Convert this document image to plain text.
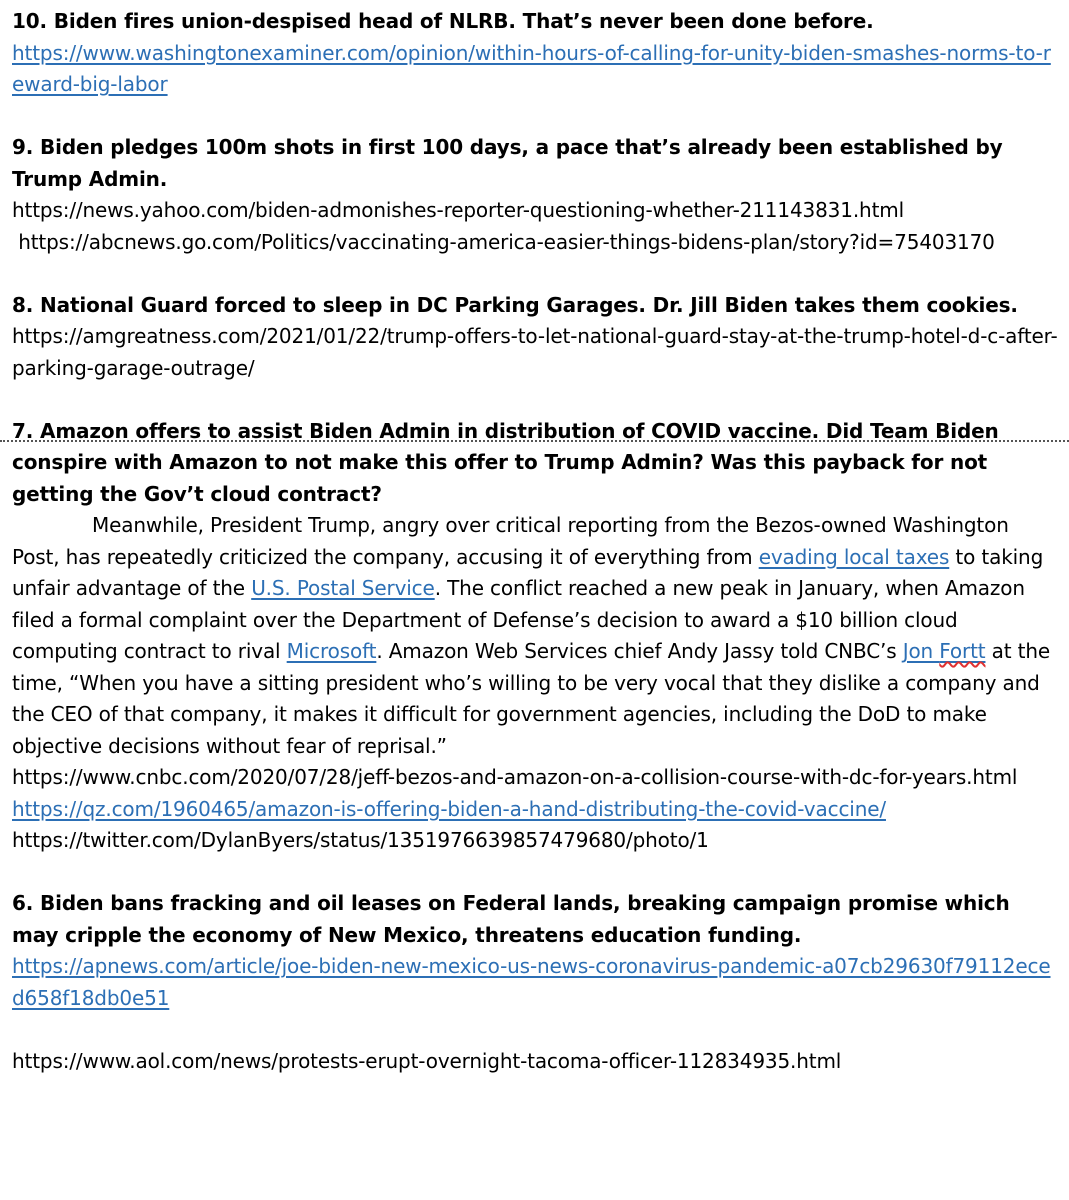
10. Biden fires union-despised head of NLRB. That’s never been done before.

https://www.washingtonexaminer.com/opinion/within-hours-of-calling-for-unity-biden-smashes-norms-to-reward-big-labor

9. Biden pledges 100m shots in first 100 days, a pace that’s already been established by Trump Admin.

https://news.yahoo.com/biden-admonishes-reporter-questioning-whether-211143831.html

https://abcnews.go.com/Politics/vaccinating-america-easier-things-bidens-plan/story?id=75403170

8. National Guard forced to sleep in DC Parking Garages. Dr. Jill Biden takes them cookies.

https://amgreatness.com/2021/01/22/trump-offers-to-let-national-guard-stay-at-the-trump-hotel-d-c-after-parking-garage-outrage/

7. Amazon offers to assist Biden Admin in distribution of COVID vaccine. Did Team Biden conspire with Amazon to not make this offer to Trump Admin? Was this payback for not getting the Gov’t cloud contract?

Meanwhile, President Trump, angry over critical reporting from the Bezos-owned Washington Post, has repeatedly criticized the company, accusing it of everything from evading local taxes to taking unfair advantage of the U.S. Postal Service. The conflict reached a new peak in January, when Amazon filed a formal complaint over the Department of Defense’s decision to award a $10 billion cloud computing contract to rival Microsoft. Amazon Web Services chief Andy Jassy told CNBC’s Jon Fortt at the time, “When you have a sitting president who’s willing to be very vocal that they dislike a company and the CEO of that company, it makes it difficult for government agencies, including the DoD to make objective decisions without fear of reprisal.”

https://www.cnbc.com/2020/07/28/jeff-bezos-and-amazon-on-a-collision-course-with-dc-for-years.html

https://qz.com/1960465/amazon-is-offering-biden-a-hand-distributing-the-covid-vaccine/

https://twitter.com/DylanByers/status/1351976639857479680/photo/1

6. Biden bans fracking and oil leases on Federal lands, breaking campaign promise which may cripple the economy of New Mexico, threatens education funding.

https://apnews.com/article/joe-biden-new-mexico-us-news-coronavirus-pandemic-a07cb29630f79112eced658f18db0e51

https://www.aol.com/news/protests-erupt-overnight-tacoma-officer-112834935.html
